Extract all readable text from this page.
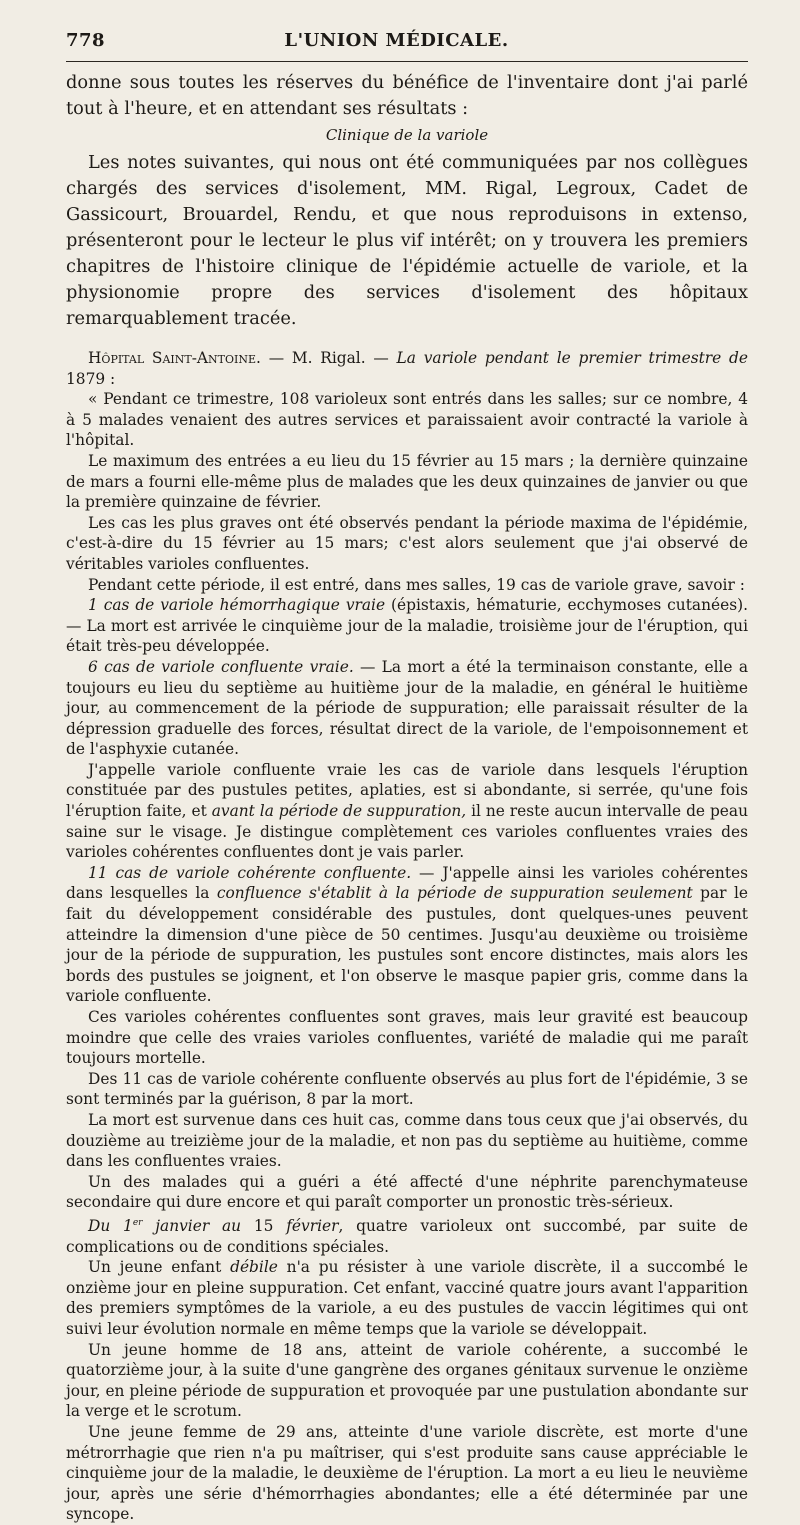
778	L'UNION MÉDICALE.

donne sous toutes les réserves du bénéfice de l'inventaire dont j'ai parlé tout à l'heure, et en attendant ses résultats :

Clinique de la variole

Les notes suivantes, qui nous ont été communiquées par nos collègues chargés des services d'isolement, MM. Rigal, Legroux, Cadet de Gassicourt, Brouardel, Rendu, et que nous reproduisons in extenso, présenteront pour le lecteur le plus vif intérêt; on y trouvera les premiers chapitres de l'histoire clinique de l'épidémie actuelle de variole, et la physionomie propre des services d'isolement des hôpitaux remarquablement tracée.

Hôpital Saint-Antoine. — M. Rigal. — La variole pendant le premier trimestre de 1879 :

« Pendant ce trimestre, 108 varioleux sont entrés dans les salles; sur ce nombre, 4 à 5 malades venaient des autres services et paraissaient avoir contracté la variole à l'hôpital.

Le maximum des entrées a eu lieu du 15 février au 15 mars ; la dernière quinzaine de mars a fourni elle-même plus de malades que les deux quinzaines de janvier ou que la première quinzaine de février.

Les cas les plus graves ont été observés pendant la période maxima de l'épidémie, c'est-à-dire du 15 février au 15 mars; c'est alors seulement que j'ai observé de véritables varioles confluentes.

Pendant cette période, il est entré, dans mes salles, 19 cas de variole grave, savoir :

1 cas de variole hémorrhagique vraie (épistaxis, hématurie, ecchymoses cutanées). — La mort est arrivée le cinquième jour de la maladie, troisième jour de l'éruption, qui était très-peu développée.

6 cas de variole confluente vraie. — La mort a été la terminaison constante, elle a toujours eu lieu du septième au huitième jour de la maladie, en général le huitième jour, au commencement de la période de suppuration; elle paraissait résulter de la dépression graduelle des forces, résultat direct de la variole, de l'empoisonnement et de l'asphyxie cutanée.

J'appelle variole confluente vraie les cas de variole dans lesquels l'éruption constituée par des pustules petites, aplaties, est si abondante, si serrée, qu'une fois l'éruption faite, et avant la période de suppuration, il ne reste aucun intervalle de peau saine sur le visage. Je distingue complètement ces varioles confluentes vraies des varioles cohérentes confluentes dont je vais parler.

11 cas de variole cohérente confluente. — J'appelle ainsi les varioles cohérentes dans lesquelles la confluence s'établit à la période de suppuration seulement par le fait du développement considérable des pustules, dont quelques-unes peuvent atteindre la dimension d'une pièce de 50 centimes. Jusqu'au deuxième ou troisième jour de la période de suppuration, les pustules sont encore distinctes, mais alors les bords des pustules se joignent, et l'on observe le masque papier gris, comme dans la variole confluente.

Ces varioles cohérentes confluentes sont graves, mais leur gravité est beaucoup moindre que celle des vraies varioles confluentes, variété de maladie qui me paraît toujours mortelle.

Des 11 cas de variole cohérente confluente observés au plus fort de l'épidémie, 3 se sont terminés par la guérison, 8 par la mort.

La mort est survenue dans ces huit cas, comme dans tous ceux que j'ai observés, du douzième au treizième jour de la maladie, et non pas du septième au huitième, comme dans les confluentes vraies.

Un des malades qui a guéri a été affecté d'une néphrite parenchymateuse secondaire qui dure encore et qui paraît comporter un pronostic très-sérieux.

Du 1er janvier au 15 février, quatre varioleux ont succombé, par suite de complications ou de conditions spéciales.

Un jeune enfant débile n'a pu résister à une variole discrète, il a succombé le onzième jour en pleine suppuration. Cet enfant, vacciné quatre jours avant l'apparition des premiers symptômes de la variole, a eu des pustules de vaccin légitimes qui ont suivi leur évolution normale en même temps que la variole se développait.

Un jeune homme de 18 ans, atteint de variole cohérente, a succombé le quatorzième jour, à la suite d'une gangrène des organes génitaux survenue le onzième jour, en pleine période de suppuration et provoquée par une pustulation abondante sur la verge et le scrotum.

Une jeune femme de 29 ans, atteinte d'une variole discrète, est morte d'une métrorrhagie que rien n'a pu maîtriser, qui s'est produite sans cause appréciable le cinquième jour de la maladie, le deuxième de l'éruption. La mort a eu lieu le neuvième jour, après une série d'hémorrhagies abondantes; elle a été déterminée par une syncope.
